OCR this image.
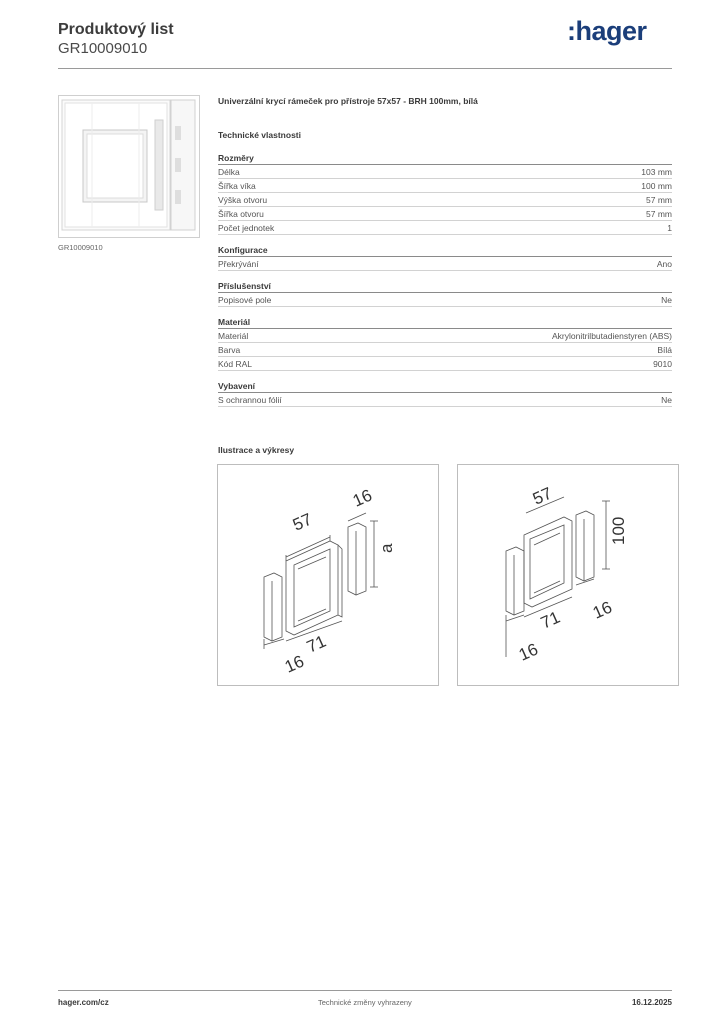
Produktový list
GR10009010
:hager
GR10009010
Univerzální krycí rámeček pro přístroje 57x57 - BRH 100mm, bílá
Technické vlastnosti
Rozměry
Délka	103 mm
Šířka víka	100 mm
Výška otvoru	57 mm
Šířka otvoru	57 mm
Počet jednotek	1
Konfigurace
Překrývání	Ano
Příslušenství
Popisové pole	Ne
Materiál
Materiál	Akrylonitrilbutadienstyren (ABS)
Barva	Bílá
Kód RAL	9010
Vybavení
S ochrannou fólií	Ne
Ilustrace a výkresy
57
16
a
71
16
57
100
71 16
16
hager.com/cz	Technické změny vyhrazeny	16.12.2025
